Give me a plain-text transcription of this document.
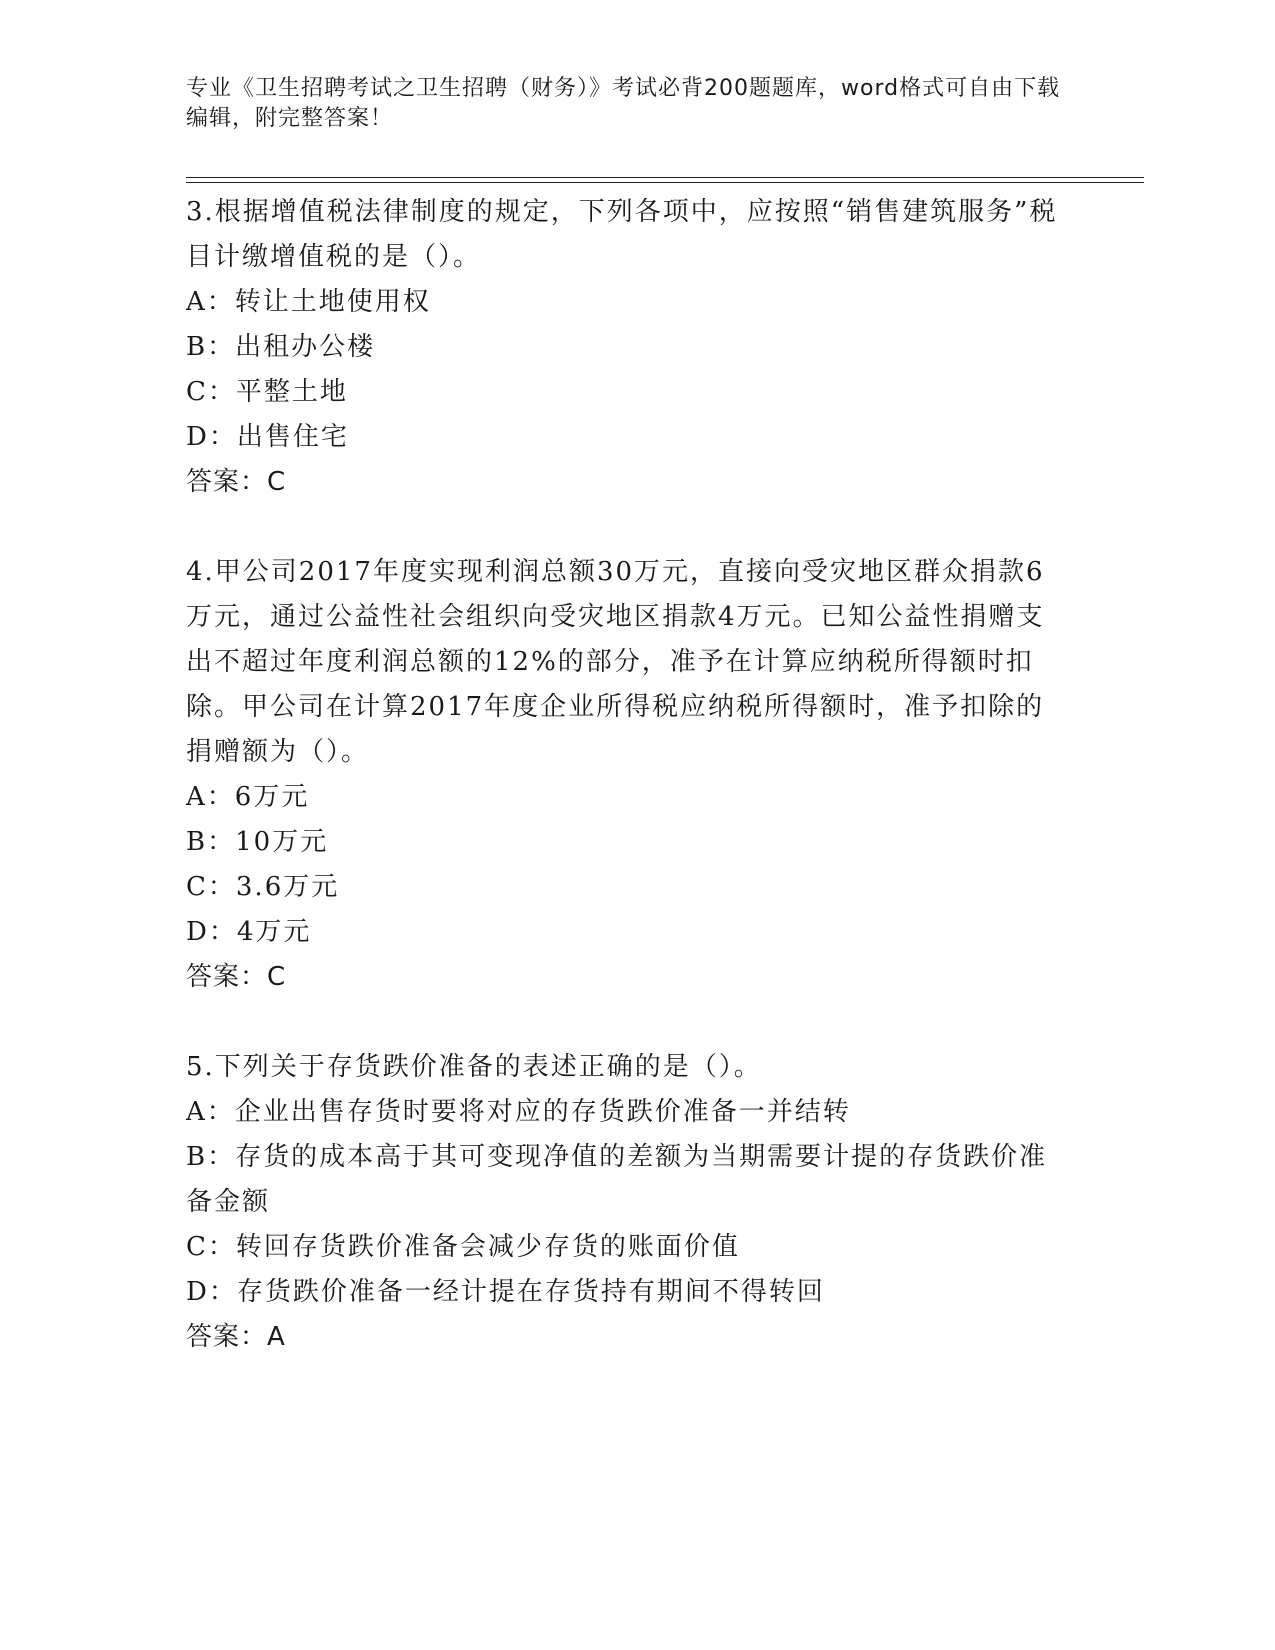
专业《卫生招聘考试之卫生招聘（财务）》考试必背200题题库，word格式可自由下载编辑，附完整答案！

3.根据增值税法律制度的规定，下列各项中，应按照“销售建筑服务”税目计缴增值税的是（）。

A：转让土地使用权
B：出租办公楼
C：平整土地
D：出售住宅

答案：C

4.甲公司2017年度实现利润总额30万元，直接向受灾地区群众捐款6万元，通过公益性社会组织向受灾地区捐款4万元。已知公益性捐赠支出不超过年度利润总额的12%的部分，准予在计算应纳税所得额时扣除。甲公司在计算2017年度企业所得税应纳税所得额时，准予扣除的捐赠额为（）。

A：6万元
B：10万元
C：3.6万元
D：4万元

答案：C

5.下列关于存货跌价准备的表述正确的是（）。

A：企业出售存货时要将对应的存货跌价准备一并结转
B：存货的成本高于其可变现净值的差额为当期需要计提的存货跌价准备金额
C：转回存货跌价准备会减少存货的账面价值
D：存货跌价准备一经计提在存货持有期间不得转回

答案：A
